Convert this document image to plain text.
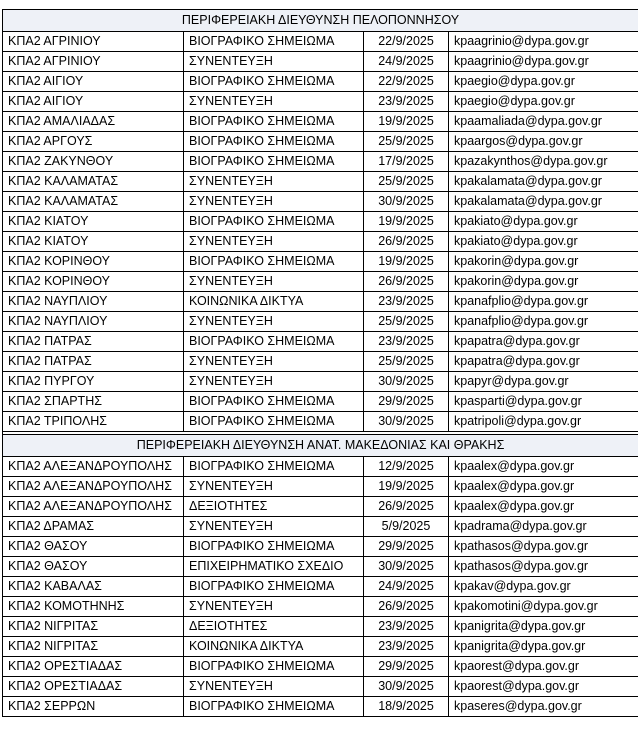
ΠΕΡΙΦΕΡΕΙΑΚΗ ΔΙΕΥΘΥΝΣΗ ΠΕΛΟΠΟΝΝΗΣΟΥ			
ΚΠΑ2 ΑΓΡΙΝΙΟΥ	ΒΙΟΓΡΑΦΙΚΟ ΣΗΜΕΙΩΜΑ	22/9/2025	kpaagrinio@dypa.gov.gr
ΚΠΑ2 ΑΓΡΙΝΙΟΥ	ΣΥΝΕΝΤΕΥΞΗ	24/9/2025	kpaagrinio@dypa.gov.gr
ΚΠΑ2 ΑΙΓΙΟΥ	ΒΙΟΓΡΑΦΙΚΟ ΣΗΜΕΙΩΜΑ	22/9/2025	kpaegio@dypa.gov.gr
ΚΠΑ2 ΑΙΓΙΟΥ	ΣΥΝΕΝΤΕΥΞΗ	23/9/2025	kpaegio@dypa.gov.gr
ΚΠΑ2 ΑΜΑΛΙΑΔΑΣ	ΒΙΟΓΡΑΦΙΚΟ ΣΗΜΕΙΩΜΑ	19/9/2025	kpaamaliada@dypa.gov.gr
ΚΠΑ2 ΑΡΓΟΥΣ	ΒΙΟΓΡΑΦΙΚΟ ΣΗΜΕΙΩΜΑ	25/9/2025	kpaargos@dypa.gov.gr
ΚΠΑ2 ΖΑΚΥΝΘΟΥ	ΒΙΟΓΡΑΦΙΚΟ ΣΗΜΕΙΩΜΑ	17/9/2025	kpazakynthos@dypa.gov.gr
ΚΠΑ2 ΚΑΛΑΜΑΤΑΣ	ΣΥΝΕΝΤΕΥΞΗ	25/9/2025	kpakalamata@dypa.gov.gr
ΚΠΑ2 ΚΑΛΑΜΑΤΑΣ	ΣΥΝΕΝΤΕΥΞΗ	30/9/2025	kpakalamata@dypa.gov.gr
ΚΠΑ2 ΚΙΑΤΟΥ	ΒΙΟΓΡΑΦΙΚΟ ΣΗΜΕΙΩΜΑ	19/9/2025	kpakiato@dypa.gov.gr
ΚΠΑ2 ΚΙΑΤΟΥ	ΣΥΝΕΝΤΕΥΞΗ	26/9/2025	kpakiato@dypa.gov.gr
ΚΠΑ2 ΚΟΡΙΝΘΟΥ	ΒΙΟΓΡΑΦΙΚΟ ΣΗΜΕΙΩΜΑ	19/9/2025	kpakorin@dypa.gov.gr
ΚΠΑ2 ΚΟΡΙΝΘΟΥ	ΣΥΝΕΝΤΕΥΞΗ	26/9/2025	kpakorin@dypa.gov.gr
ΚΠΑ2 ΝΑΥΠΛΙΟΥ	ΚΟΙΝΩΝΙΚΑ ΔΙΚΤΥΑ	23/9/2025	kpanafplio@dypa.gov.gr
ΚΠΑ2 ΝΑΥΠΛΙΟΥ	ΣΥΝΕΝΤΕΥΞΗ	25/9/2025	kpanafplio@dypa.gov.gr
ΚΠΑ2 ΠΑΤΡΑΣ	ΒΙΟΓΡΑΦΙΚΟ ΣΗΜΕΙΩΜΑ	23/9/2025	kpapatra@dypa.gov.gr
ΚΠΑ2 ΠΑΤΡΑΣ	ΣΥΝΕΝΤΕΥΞΗ	25/9/2025	kpapatra@dypa.gov.gr
ΚΠΑ2 ΠΥΡΓΟΥ	ΣΥΝΕΝΤΕΥΞΗ	30/9/2025	kpapyr@dypa.gov.gr
ΚΠΑ2 ΣΠΑΡΤΗΣ	ΒΙΟΓΡΑΦΙΚΟ ΣΗΜΕΙΩΜΑ	29/9/2025	kpasparti@dypa.gov.gr
ΚΠΑ2 ΤΡΙΠΟΛΗΣ	ΒΙΟΓΡΑΦΙΚΟ ΣΗΜΕΙΩΜΑ	30/9/2025	kpatripoli@dypa.gov.gr

ΠΕΡΙΦΕΡΕΙΑΚΗ ΔΙΕΥΘΥΝΣΗ ΑΝΑΤ. ΜΑΚΕΔΟΝΙΑΣ ΚΑΙ ΘΡΑΚΗΣ			
ΚΠΑ2 ΑΛΕΞΑΝΔΡΟΥΠΟΛΗΣ	ΒΙΟΓΡΑΦΙΚΟ ΣΗΜΕΙΩΜΑ	12/9/2025	kpaalex@dypa.gov.gr
ΚΠΑ2 ΑΛΕΞΑΝΔΡΟΥΠΟΛΗΣ	ΣΥΝΕΝΤΕΥΞΗ	19/9/2025	kpaalex@dypa.gov.gr
ΚΠΑ2 ΑΛΕΞΑΝΔΡΟΥΠΟΛΗΣ	ΔΕΞΙΟΤΗΤΕΣ	26/9/2025	kpaalex@dypa.gov.gr
ΚΠΑ2 ΔΡΑΜΑΣ	ΣΥΝΕΝΤΕΥΞΗ	5/9/2025	kpadrama@dypa.gov.gr
ΚΠΑ2 ΘΑΣΟΥ	ΒΙΟΓΡΑΦΙΚΟ ΣΗΜΕΙΩΜΑ	29/9/2025	kpathasos@dypa.gov.gr
ΚΠΑ2 ΘΑΣΟΥ	ΕΠΙΧΕΙΡΗΜΑΤΙΚΟ ΣΧΕΔΙΟ	30/9/2025	kpathasos@dypa.gov.gr
ΚΠΑ2 ΚΑΒΑΛΑΣ	ΒΙΟΓΡΑΦΙΚΟ ΣΗΜΕΙΩΜΑ	24/9/2025	kpakav@dypa.gov.gr
ΚΠΑ2 ΚΟΜΟΤΗΝΗΣ	ΣΥΝΕΝΤΕΥΞΗ	26/9/2025	kpakomotini@dypa.gov.gr
ΚΠΑ2 ΝΙΓΡΙΤΑΣ	ΔΕΞΙΟΤΗΤΕΣ	23/9/2025	kpanigrita@dypa.gov.gr
ΚΠΑ2 ΝΙΓΡΙΤΑΣ	ΚΟΙΝΩΝΙΚΑ ΔΙΚΤΥΑ	23/9/2025	kpanigrita@dypa.gov.gr
ΚΠΑ2 ΟΡΕΣΤΙΑΔΑΣ	ΒΙΟΓΡΑΦΙΚΟ ΣΗΜΕΙΩΜΑ	29/9/2025	kpaorest@dypa.gov.gr
ΚΠΑ2 ΟΡΕΣΤΙΑΔΑΣ	ΣΥΝΕΝΤΕΥΞΗ	30/9/2025	kpaorest@dypa.gov.gr
ΚΠΑ2 ΣΕΡΡΩΝ	ΒΙΟΓΡΑΦΙΚΟ ΣΗΜΕΙΩΜΑ	18/9/2025	kpaseres@dypa.gov.gr
